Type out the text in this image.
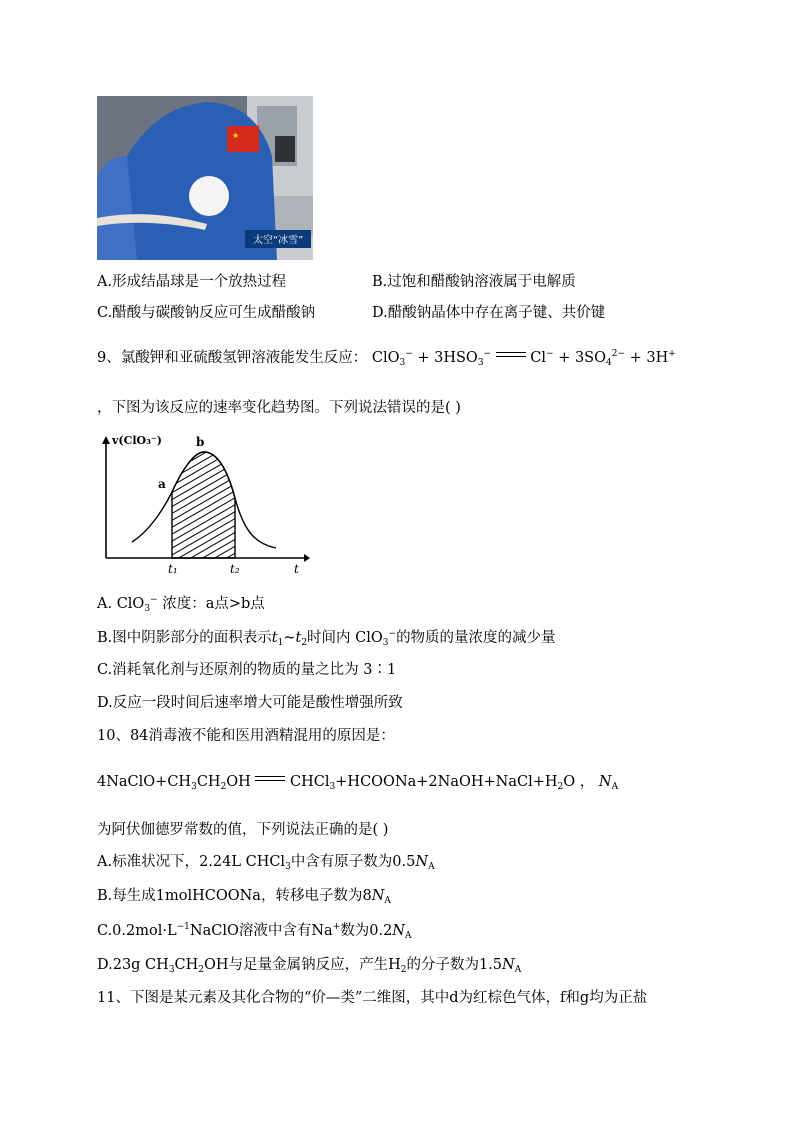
★
太空“冰雪”
A.形成结晶球是一个放热过程	B.过饱和醋酸钠溶液属于电解质
C.醋酸与碳酸钠反应可生成醋酸钠	D.醋酸钠晶体中存在离子键、共价键
9、氯酸钾和亚硫酸氢钾溶液能发生反应： $ClO_3^- + 3HSO_3^-$  $Cl^- + 3SO_4^{2-} + 3H^+$
，下图为该反应的速率变化趋势图。下列说法错误的是( )
v(ClO₃⁻)
a
b
t₁	t₂	t
A. ClO$_3$− 浓度：a点>b点
B.图中阴影部分的面积表示$t_1\sim t_2$时间内 ClO$_3$−的物质的量浓度的减少量
C.消耗氧化剂与还原剂的物质的量之比为 3∶1
D.反应一段时间后速率增大可能是酸性增强所致
10、84消毒液不能和医用酒精混用的原因是：
$4NaClO+CH_3CH_2OH$  $CHCl_3+HCOONa+2NaOH+NaCl+H_2O$ ， $N_A$
为阿伏伽德罗常数的值，下列说法正确的是( )
A.标准状况下，2.24L CHCl$_3$中含有原子数为$0.5N_A$
B.每生成1molHCOONa，转移电子数为$8N_A$
$C.0.2mol\cdot L^{-1}NaClO$溶液中含有Na+数为$0.2N_A$
D.23g $CH_3CH_2OH$与足量金属钠反应，产生$H_2$的分子数为$1.5N_A$
11、下图是某元素及其化合物的“价—类”二维图，其中d为红棕色气体，f和g均为正盐
